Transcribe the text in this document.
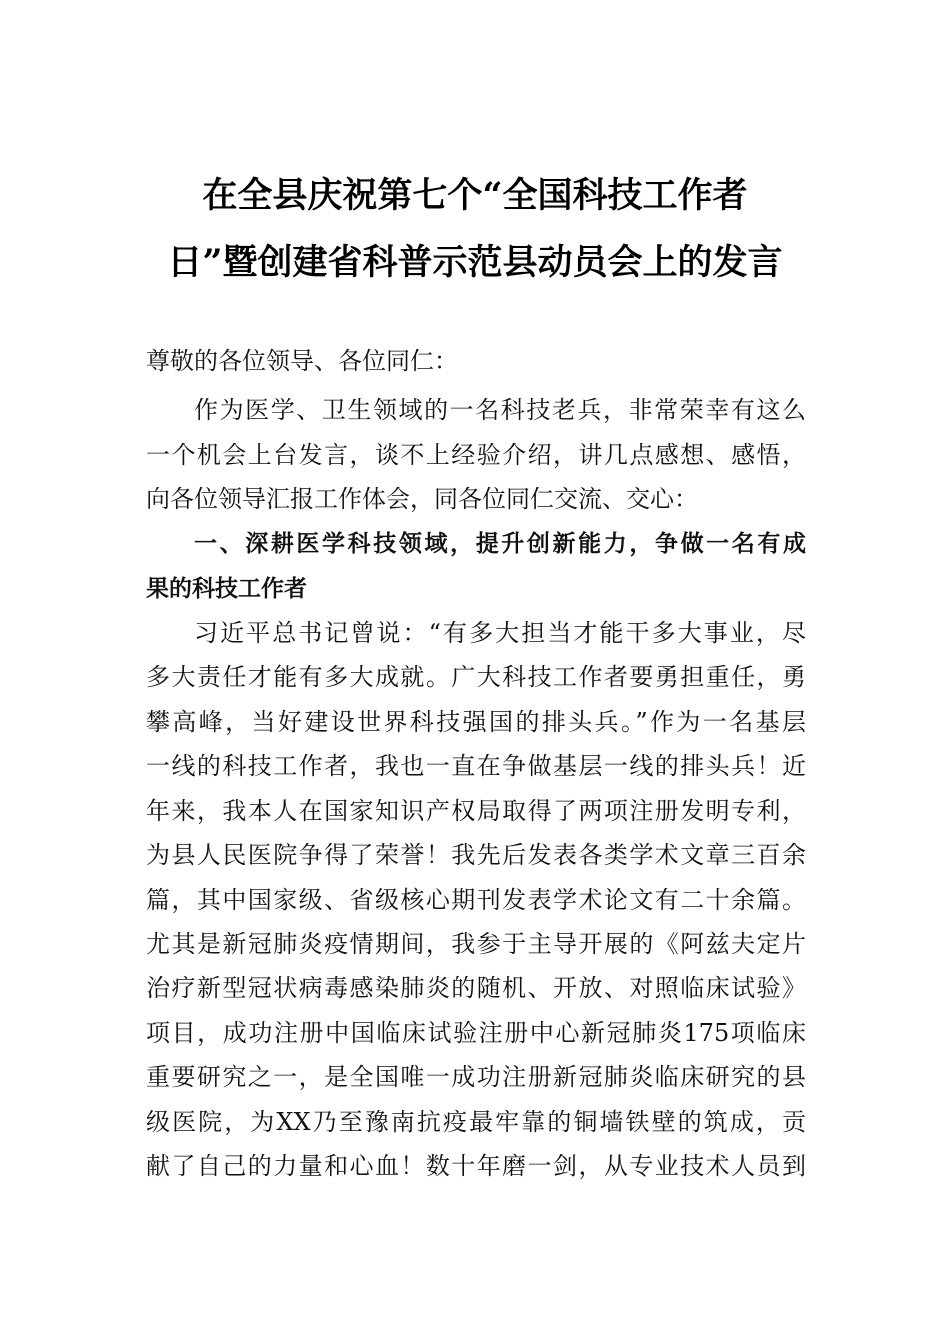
在全县庆祝第七个“全国科技工作者
日”暨创建省科普示范县动员会上的发言

尊敬的各位领导、各位同仁：

作为医学、卫生领域的一名科技老兵，非常荣幸有这么

一个机会上台发言，谈不上经验介绍，讲几点感想、感悟，

向各位领导汇报工作体会，同各位同仁交流、交心：

一、深耕医学科技领域，提升创新能力，争做一名有成

果的科技工作者

习近平总书记曾说：“有多大担当才能干多大事业，尽

多大责任才能有多大成就。广大科技工作者要勇担重任，勇

攀高峰，当好建设世界科技强国的排头兵。”作为一名基层

一线的科技工作者，我也一直在争做基层一线的排头兵！近

年来，我本人在国家知识产权局取得了两项注册发明专利，

为县人民医院争得了荣誉！我先后发表各类学术文章三百余

篇，其中国家级、省级核心期刊发表学术论文有二十余篇。

尤其是新冠肺炎疫情期间，我参于主导开展的《阿兹夫定片

治疗新型冠状病毒感染肺炎的随机、开放、对照临床试验》

项目，成功注册中国临床试验注册中心新冠肺炎175项临床

重要研究之一，是全国唯一成功注册新冠肺炎临床研究的县

级医院，为XX乃至豫南抗疫最牢靠的铜墙铁壁的筑成，贡

献了自己的力量和心血！数十年磨一剑，从专业技术人员到
